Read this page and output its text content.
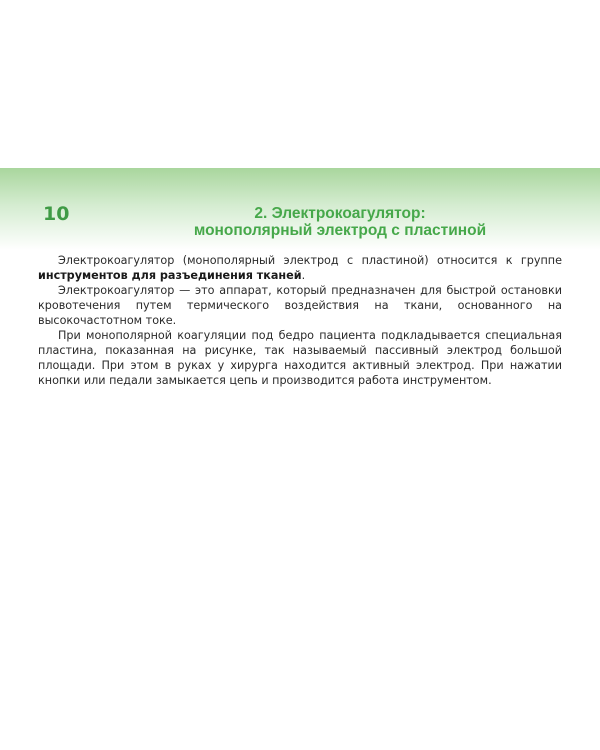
10	2. Электрокоагулятор:
монополярный электрод с пластиной

Электрокоагулятор (монополярный электрод с пластиной) относится к группе инструментов для разъединения тканей.

Электрокоагулятор — это аппарат, который предназначен для быстрой остановки кровотечения путем термического воздействия на ткани, основанного на высокочастотном токе.

При монополярной коагуляции под бедро пациента подкладывается специальная пластина, показанная на рисунке, так называемый пассивный электрод большой площади. При этом в руках у хирурга находится активный электрод. При нажатии кнопки или педали замыкается цепь и производится работа инструментом.
